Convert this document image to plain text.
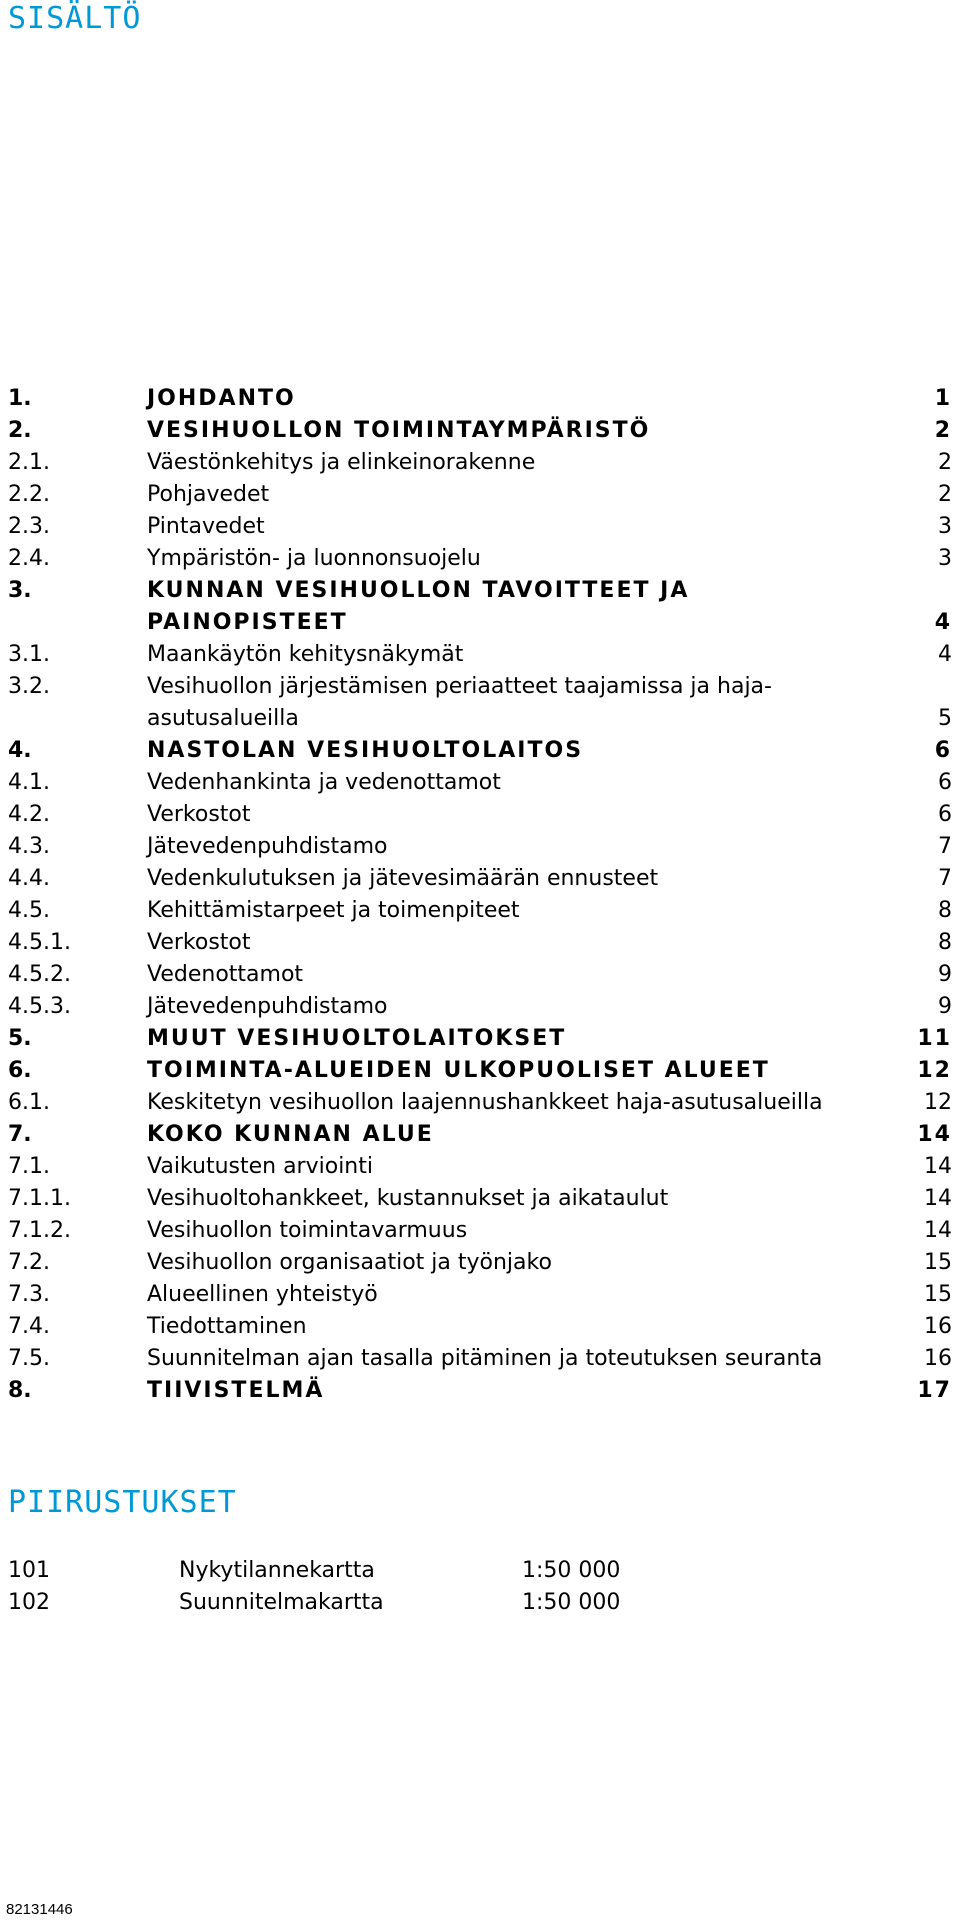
SISÄLTÖ
1.	JOHDANTO	1
2.	VESIHUOLLON TOIMINTAYMPÄRISTÖ	2
2.1.	Väestönkehitys ja elinkeinorakenne	2
2.2.	Pohjavedet	2
2.3.	Pintavedet	3
2.4.	Ympäristön- ja luonnonsuojelu	3
3.	KUNNAN VESIHUOLLON TAVOITTEET JA PAINOPISTEET	4
3.1.	Maankäytön kehitysnäkymät	4
3.2.	Vesihuollon järjestämisen periaatteet taajamissa ja haja-asutusalueilla	5
4.	NASTOLAN VESIHUOLTOLAITOS	6
4.1.	Vedenhankinta ja vedenottamot	6
4.2.	Verkostot	6
4.3.	Jätevedenpuhdistamo	7
4.4.	Vedenkulutuksen ja jätevesimäärän ennusteet	7
4.5.	Kehittämistarpeet ja toimenpiteet	8
4.5.1.	Verkostot	8
4.5.2.	Vedenottamot	9
4.5.3.	Jätevedenpuhdistamo	9
5.	MUUT VESIHUOLTOLAITOKSET	11
6.	TOIMINTA-ALUEIDEN ULKOPUOLISET ALUEET	12
6.1.	Keskitetyn vesihuollon laajennushankkeet haja-asutusalueilla	12
7.	KOKO KUNNAN ALUE	14
7.1.	Vaikutusten arviointi	14
7.1.1.	Vesihuoltohankkeet, kustannukset ja aikataulut	14
7.1.2.	Vesihuollon toimintavarmuus	14
7.2.	Vesihuollon organisaatiot ja työnjako	15
7.3.	Alueellinen yhteistyö	15
7.4.	Tiedottaminen	16
7.5.	Suunnitelman ajan tasalla pitäminen ja toteutuksen seuranta	16
8.	TIIVISTELMÄ	17
PIIRUSTUKSET
101	Nykytilannekartta	1:50 000
102	Suunnitelmakartta	1:50 000
82131446
